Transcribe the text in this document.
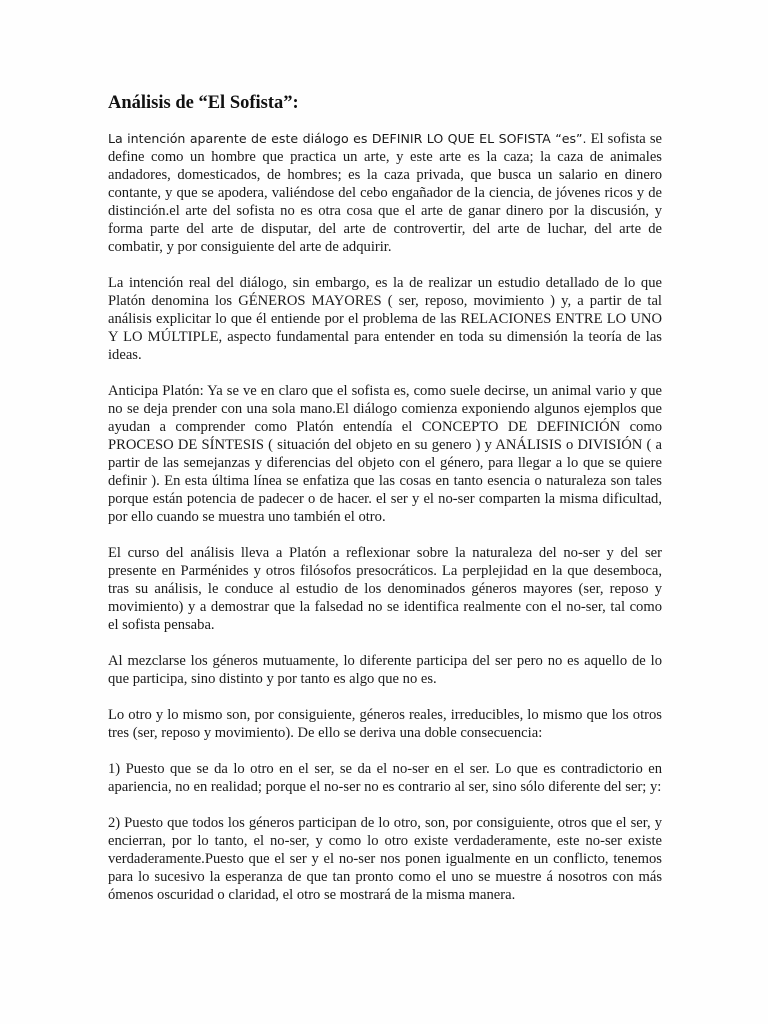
Análisis de “El Sofista”:

La intención aparente de este diálogo es DEFINIR LO QUE EL SOFISTA “es”. El sofista se define como un hombre que practica un arte, y este arte es la caza; la caza de animales andadores, domesticados, de hombres; es la caza privada, que busca un salario en dinero contante, y que se apodera, valiéndose del cebo engañador de la ciencia, de jóvenes ricos y de distinción.el arte del sofista no es otra cosa que el arte de ganar dinero por la discusión, y forma parte del arte de disputar, del arte de controvertir, del arte de luchar, del arte de combatir, y por consiguiente del arte de adquirir.

La intención real del diálogo, sin embargo, es la de realizar un estudio detallado de lo que Platón denomina los GÉNEROS MAYORES ( ser, reposo, movimiento ) y, a partir de tal análisis explicitar lo que él entiende por el problema de las RELACIONES ENTRE LO UNO Y LO MÚLTIPLE, aspecto fundamental para entender en toda su dimensión la teoría de las ideas.

Anticipa Platón: Ya se ve en claro que el sofista es, como suele decirse, un animal vario y que no se deja prender con una sola mano.El diálogo comienza exponiendo algunos ejemplos que ayudan a comprender como Platón entendía el CONCEPTO DE DEFINICIÓN como PROCESO DE SÍNTESIS ( situación del objeto en su genero ) y ANÁLISIS o DIVISIÓN ( a partir de las semejanzas y diferencias del objeto con el género, para llegar a lo que se quiere definir ). En esta última línea se enfatiza que las cosas en tanto esencia o naturaleza son tales porque están potencia de padecer o de hacer. el ser y el no-ser comparten la misma dificultad, por ello cuando se muestra uno también el otro.

El curso del análisis lleva a Platón a reflexionar sobre la naturaleza del no-ser y del ser presente en Parménides y otros filósofos presocráticos. La perplejidad en la que desemboca, tras su análisis, le conduce al estudio de los denominados géneros mayores (ser, reposo y movimiento) y a demostrar que la falsedad no se identifica realmente con el no-ser, tal como el sofista pensaba.

Al mezclarse los géneros mutuamente, lo diferente participa del ser pero no es aquello de lo que participa, sino distinto y por tanto es algo que no es.

Lo otro y lo mismo son, por consiguiente, géneros reales, irreducibles, lo mismo que los otros tres (ser, reposo y movimiento). De ello se deriva una doble consecuencia:

1) Puesto que se da lo otro en el ser, se da el no-ser en el ser. Lo que es contradictorio en apariencia, no en realidad; porque el no-ser no es contrario al ser, sino sólo diferente del ser; y:

2) Puesto que todos los géneros participan de lo otro, son, por consiguiente, otros que el ser, y encierran, por lo tanto, el no-ser, y como lo otro existe verdaderamente, este no-ser existe verdaderamente.Puesto que el ser y el no-ser nos ponen igualmente en un conflicto, tenemos para lo sucesivo la esperanza de que tan pronto como el uno se muestre á nosotros con más ómenos oscuridad o claridad, el otro se mostrará de la misma manera.
